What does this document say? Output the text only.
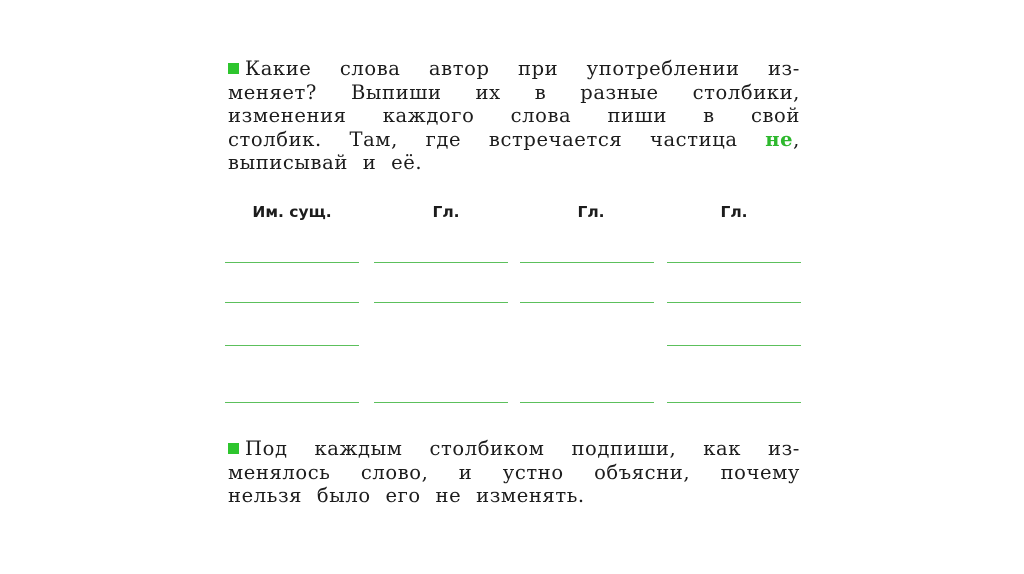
Какие слова автор при употреблении из-
меняет? Выпиши их в разные столбики,
изменения каждого слова пиши в свой
столбик. Там, где встречается частица не,
выписывай и её.
Им. сущ.	Гл.	Гл.	Гл.
Под каждым столбиком подпиши, как из-
менялось слово, и устно объясни, почему
нельзя было его не изменять.
